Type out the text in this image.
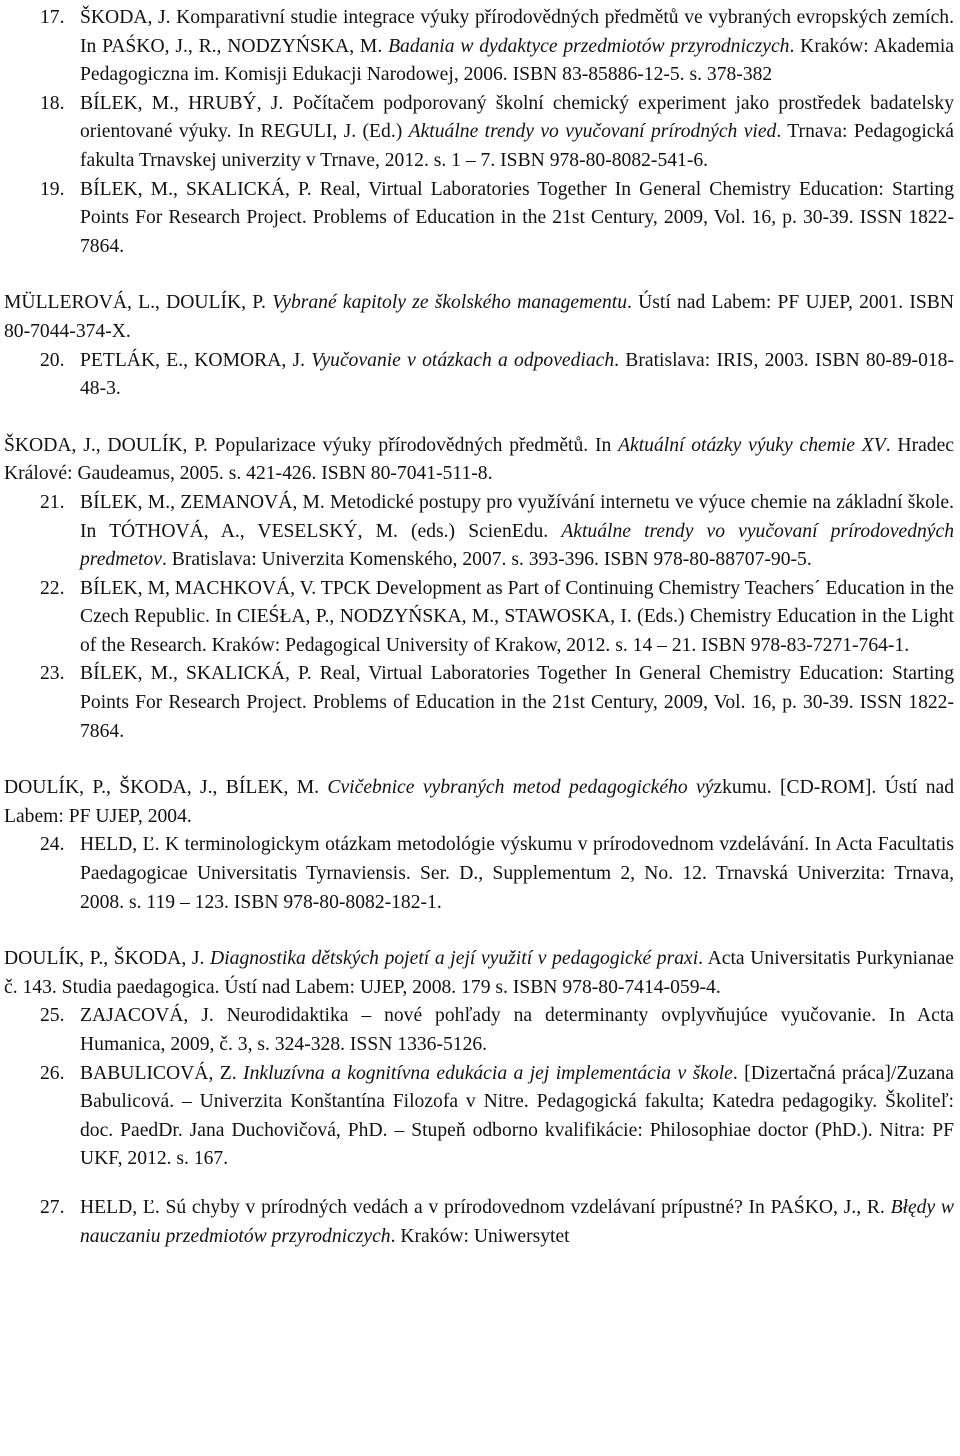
17. ŠKODA, J. Komparativní studie integrace výuky přírodovědných předmětů ve vybraných evropských zemích. In PAŚKO, J., R., NODZYŃSKA, M. Badania w dydaktyce przedmiotów przyrodniczych. Kraków: Akademia Pedagogiczna im. Komisji Edukacji Narodowej, 2006. ISBN 83-85886-12-5. s. 378-382
18. BÍLEK, M., HRUBÝ, J. Počítačem podporovaný školní chemický experiment jako prostředek badatelsky orientované výuky. In REGULI, J. (Ed.) Aktuálne trendy vo vyučovaní prírodných vied. Trnava: Pedagogická fakulta Trnavskej univerzity v Trnave, 2012. s. 1 – 7. ISBN 978-80-8082-541-6.
19. BÍLEK, M., SKALICKÁ, P. Real, Virtual Laboratories Together In General Chemistry Education: Starting Points For Research Project. Problems of Education in the 21st Century, 2009, Vol. 16, p. 30-39. ISSN 1822-7864.
MÜLLEROVÁ, L., DOULÍK, P. Vybrané kapitoly ze školského managementu. Ústí nad Labem: PF UJEP, 2001. ISBN 80-7044-374-X.
20. PETLÁK, E., KOMORA, J. Vyučovanie v otázkach a odpovediach. Bratislava: IRIS, 2003. ISBN 80-89-018-48-3.
ŠKODA, J., DOULÍK, P. Popularizace výuky přírodovědných předmětů. In Aktuální otázky výuky chemie XV. Hradec Králové: Gaudeamus, 2005. s. 421-426. ISBN 80-7041-511-8.
21. BÍLEK, M., ZEMANOVÁ, M. Metodické postupy pro využívání internetu ve výuce chemie na základní škole. In TÓTHOVÁ, A., VESELSKÝ, M. (eds.) ScienEdu. Aktuálne trendy vo vyučovaní prírodovedných predmetov. Bratislava: Univerzita Komenského, 2007. s. 393-396. ISBN 978-80-88707-90-5.
22. BÍLEK, M, MACHKOVÁ, V. TPCK Development as Part of Continuing Chemistry Teachers´ Education in the Czech Republic. In CIEŚŁA, P., NODZYŃSKA, M., STAWOSKA, I. (Eds.) Chemistry Education in the Light of the Research. Kraków: Pedagogical University of Krakow, 2012. s. 14 – 21. ISBN 978-83-7271-764-1.
23. BÍLEK, M., SKALICKÁ, P. Real, Virtual Laboratories Together In General Chemistry Education: Starting Points For Research Project. Problems of Education in the 21st Century, 2009, Vol. 16, p. 30-39. ISSN 1822-7864.
DOULÍK, P., ŠKODA, J., BÍLEK, M. Cvičebnice vybraných metod pedagogického výzkumu. [CD-ROM]. Ústí nad Labem: PF UJEP, 2004.
24. HELD, Ľ. K terminologickym otázkam metodológie výskumu v prírodovednom vzdelávání. In Acta Facultatis Paedagogicae Universitatis Tyrnaviensis. Ser. D., Supplementum 2, No. 12. Trnavská Univerzita: Trnava, 2008. s. 119 – 123. ISBN 978-80-8082-182-1.
DOULÍK, P., ŠKODA, J. Diagnostika dětských pojetí a její využití v pedagogické praxi. Acta Universitatis Purkynianae č. 143. Studia paedagogica. Ústí nad Labem: UJEP, 2008. 179 s. ISBN 978-80-7414-059-4.
25. ZAJACOVÁ, J. Neurodidaktika – nové pohľady na determinanty ovplyvňujúce vyučovanie. In Acta Humanica, 2009, č. 3, s. 324-328. ISSN 1336-5126.
26. BABULICOVÁ, Z. Inkluzívna a kognitívna edukácia a jej implementácia v škole. [Dizertačná práca]/Zuzana Babulicová. – Univerzita Konštantína Filozofa v Nitre. Pedagogická fakulta; Katedra pedagogiky. Školiteľ: doc. PaedDr. Jana Duchovičová, PhD. – Stupeň odborno kvalifikácie: Philosophiae doctor (PhD.). Nitra: PF UKF, 2012. s. 167.
27. HELD, Ľ. Sú chyby v prírodných vedách a v prírodovednom vzdelávaní prípustné? In PAŚKO, J., R. Błędy w nauczaniu przedmiotów przyrodniczych. Kraków: Uniwersytet
